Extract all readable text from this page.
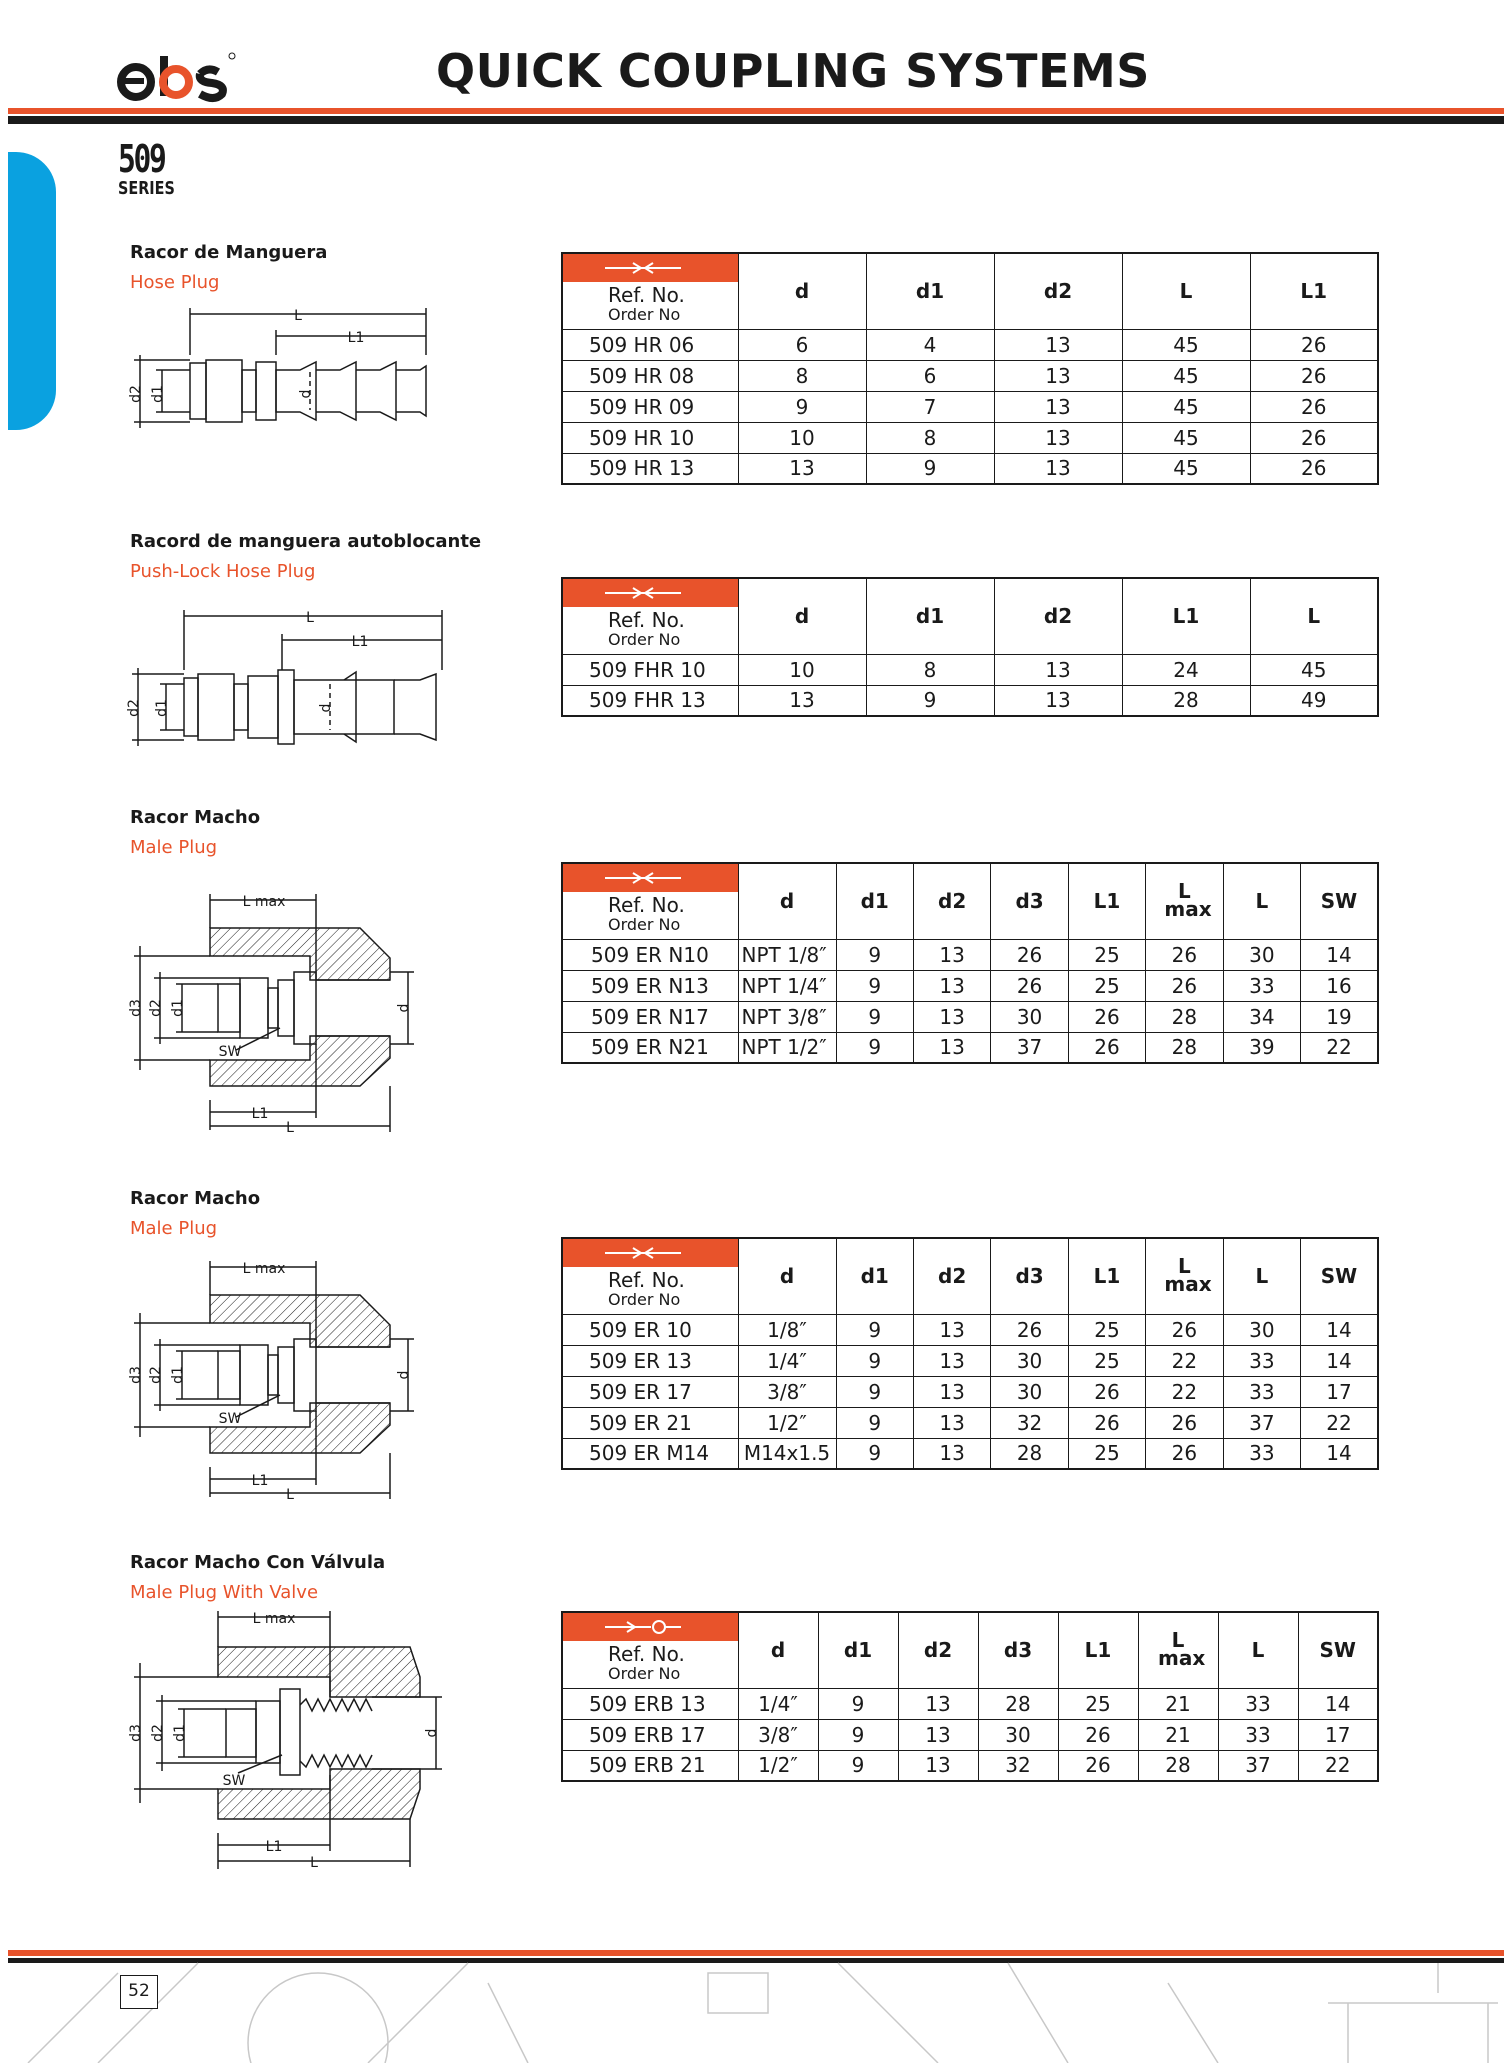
QUICK COUPLING SYSTEMS
509
SERIES
Racor de Manguera
Hose Plug
L
L1
d2 d1	d
Ref. No.
Order No	d	d1	d2	L	L1
509 HR 06	6	4	13	45	26
509 HR 08	8	6	13	45	26
509 HR 09	9	7	13	45	26
509 HR 10	10	8	13	45	26
509 HR 13	13	9	13	45	26
Racord de manguera autoblocante
Push-Lock Hose Plug
L
L1
d2 d1	d
Ref. No.
Order No	d	d1	d2	L1	L
509 FHR 10	10	8	13	24	45
509 FHR 13	13	9	13	28	49
Racor Macho
Male Plug
L max
d3 d2 d1
SW
d
L1
L
Ref. No.
Order No	d	d1	d2	d3	L1	L max	L	SW
509 ER N10	NPT 1/8″	9	13	26	25	26	30	14
509 ER N13	NPT 1/4″	9	13	26	25	26	33	16
509 ER N17	NPT 3/8″	9	13	30	26	28	34	19
509 ER N21	NPT 1/2″	9	13	37	26	28	39	22
Racor Macho
Male Plug
L max
d3 d2 d1
SW
d
L1
L
Ref. No.
Order No	d	d1	d2	d3	L1	L max	L	SW
509 ER 10	1/8″	9	13	26	25	26	30	14
509 ER 13	1/4″	9	13	30	25	22	33	14
509 ER 17	3/8″	9	13	30	26	22	33	17
509 ER 21	1/2″	9	13	32	26	26	37	22
509 ER M14	M14x1.5	9	13	28	25	26	33	14
Racor Macho Con Válvula
Male Plug With Valve
L max
d3 d2 d1
SW
d
L1
L
Ref. No.
Order No	d	d1	d2	d3	L1	L max	L	SW
509 ERB 13	1/4″	9	13	28	25	21	33	14
509 ERB 17	3/8″	9	13	30	26	21	33	17
509 ERB 21	1/2″	9	13	32	26	28	37	22
52
